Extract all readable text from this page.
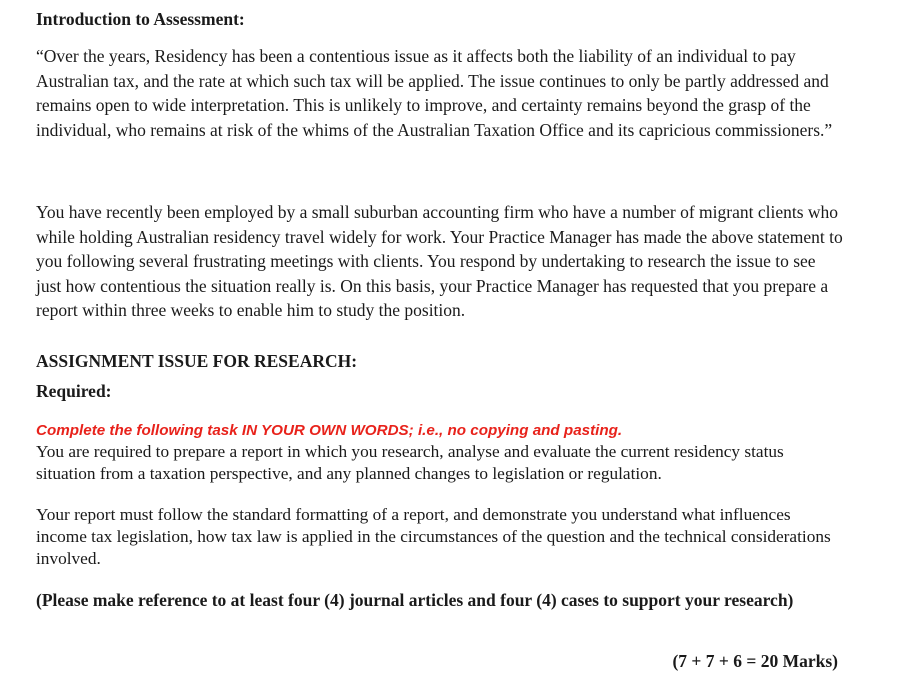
Introduction to Assessment:

“Over the years, Residency has been a contentious issue as it affects both the liability of an individual to pay Australian tax, and the rate at which such tax will be applied. The issue continues to only be partly addressed and remains open to wide interpretation. This is unlikely to improve, and certainty remains beyond the grasp of the individual, who remains at risk of the whims of the Australian Taxation Office and its capricious commissioners.”

You have recently been employed by a small suburban accounting firm who have a number of migrant clients who while holding Australian residency travel widely for work. Your Practice Manager has made the above statement to you following several frustrating meetings with clients. You respond by undertaking to research the issue to see just how contentious the situation really is. On this basis, your Practice Manager has requested that you prepare a report within three weeks to enable him to study the position.

ASSIGNMENT ISSUE FOR RESEARCH:
Required:

Complete the following task IN YOUR OWN WORDS; i.e., no copying and pasting.

You are required to prepare a report in which you research, analyse and evaluate the current residency status situation from a taxation perspective, and any planned changes to legislation or regulation.

Your report must follow the standard formatting of a report, and demonstrate you understand what influences income tax legislation, how tax law is applied in the circumstances of the question and the technical considerations involved.

(Please make reference to at least four (4) journal articles and four (4) cases to support your research)

(7 + 7 + 6 = 20 Marks)
